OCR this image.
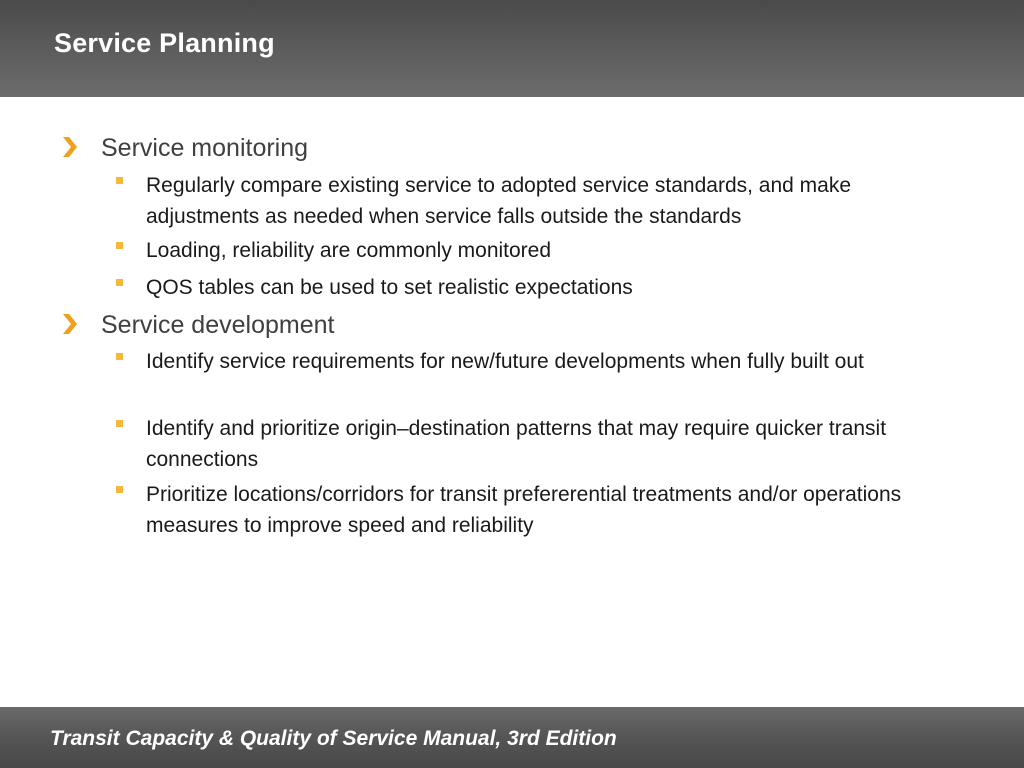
Service Planning
Service monitoring
Regularly compare existing service to adopted service standards, and make adjustments as needed when service falls outside the standards
Loading, reliability are commonly monitored
QOS tables can be used to set realistic expectations
Service development
Identify service requirements for new/future developments when fully built out
Identify and prioritize origin–destination patterns that may require quicker transit connections
Prioritize locations/corridors for transit prefererential treatments and/or operations measures to improve speed and reliability
Transit Capacity & Quality of Service Manual, 3rd Edition
